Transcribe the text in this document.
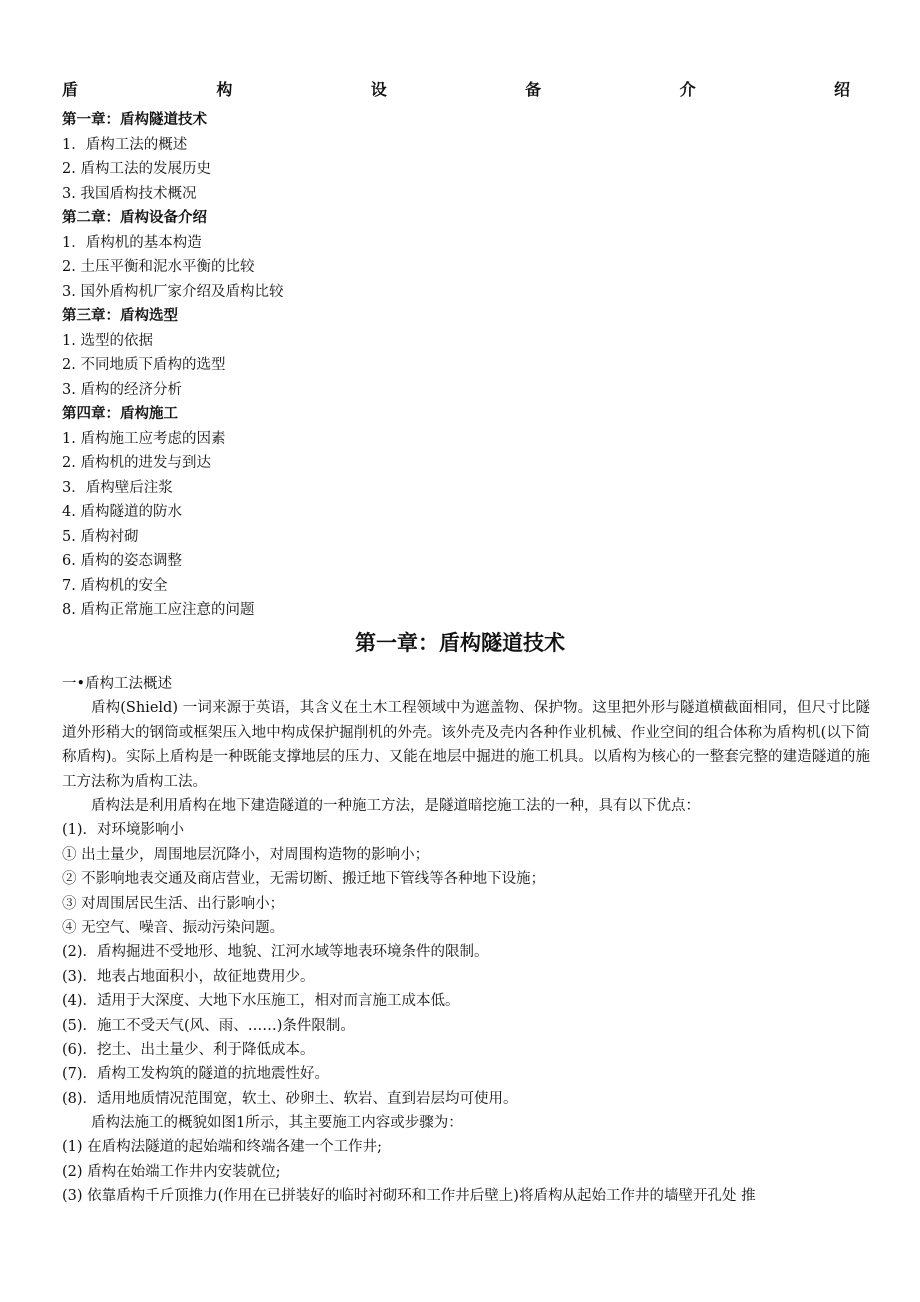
盾	构	设	备	介	绍
第一章：盾构隧道技术
1．盾构工法的概述
2. 盾构工法的发展历史
3. 我国盾构技术概况
第二章：盾构设备介绍
1．盾构机的基本构造
2. 土压平衡和泥水平衡的比较
3. 国外盾构机厂家介绍及盾构比较
第三章：盾构选型
1. 选型的依据
2. 不同地质下盾构的选型
3. 盾构的经济分析
第四章：盾构施工
1. 盾构施工应考虑的因素
2. 盾构机的进发与到达
3．盾构壁后注浆
4. 盾构隧道的防水
5. 盾构衬砌
6. 盾构的姿态调整
7. 盾构机的安全
8. 盾构正常施工应注意的问题
第一章：盾构隧道技术
一•盾构工法概述
盾构(Shield) 一词来源于英语，其含义在土木工程领域中为遮盖物、保护物。这里把外形与隧道横截面相同，但尺寸比隧道外形稍大的钢筒或框架压入地中构成保护掘削机的外壳。该外壳及壳内各种作业机械、作业空间的组合体称为盾构机(以下简称盾构)。实际上盾构是一种既能支撑地层的压力、又能在地层中掘进的施工机具。以盾构为核心的一整套完整的建造隧道的施工方法称为盾构工法。
盾构法是利用盾构在地下建造隧道的一种施工方法，是隧道暗挖施工法的一种，具有以下优点：
(1)．对环境影响小
① 出土量少，周围地层沉降小，对周围构造物的影响小；
② 不影响地表交通及商店营业，无需切断、搬迁地下管线等各种地下设施；
③ 对周围居民生活、出行影响小；
④ 无空气、噪音、振动污染问题。
(2)．盾构掘进不受地形、地貌、江河水域等地表环境条件的限制。
(3)．地表占地面积小，故征地费用少。
(4)．适用于大深度、大地下水压施工，相对而言施工成本低。
(5)．施工不受天气(风、雨、……)条件限制。
(6)．挖土、出土量少、利于降低成本。
(7)．盾构工发构筑的隧道的抗地震性好。
(8)．适用地质情况范围宽，软土、砂卵土、软岩、直到岩层均可使用。
盾构法施工的概貌如图1所示，其主要施工内容或步骤为：
(1) 在盾构法隧道的起始端和终端各建一个工作井;
(2) 盾构在始端工作井内安装就位;
(3) 依靠盾构千斤顶推力(作用在已拼装好的临时衬砌环和工作井后壁上)将盾构从起始工作井的墙壁开孔处 推
